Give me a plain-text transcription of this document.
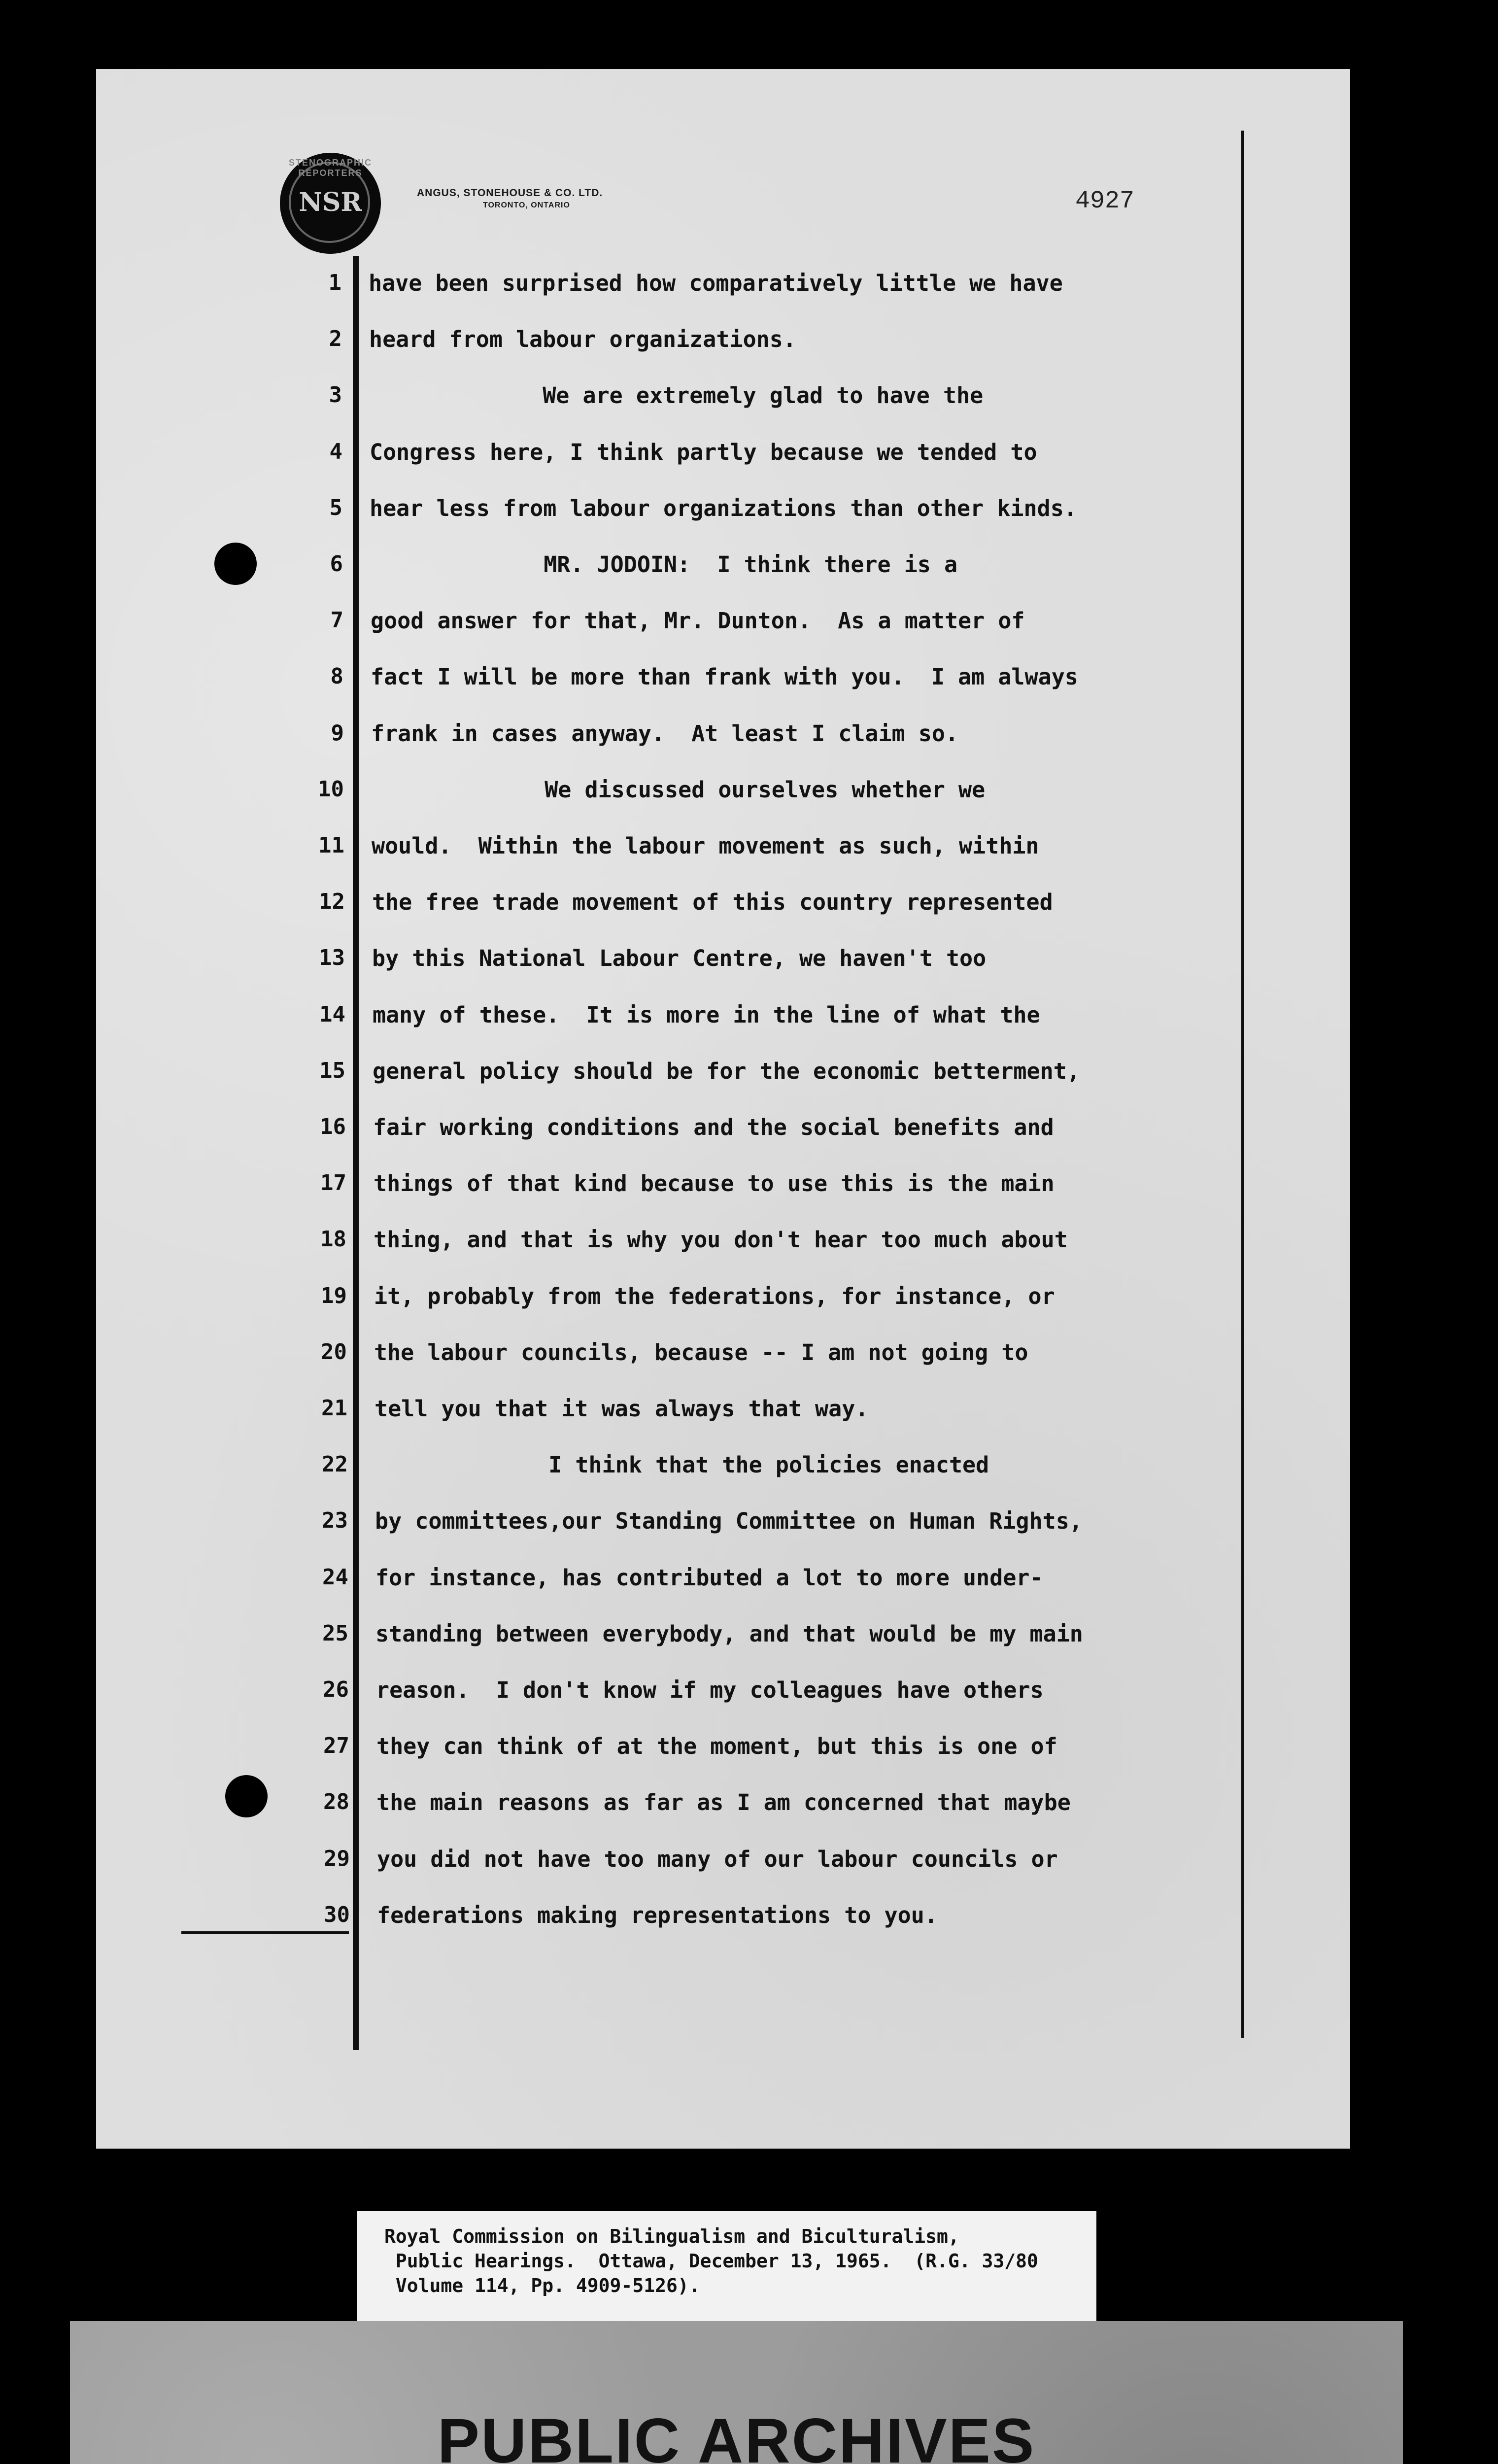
STENOGRAPHIC REPORTERS
NSR	ANGUS, STONEHOUSE & CO. LTD.
TORONTO, ONTARIO	4927
1 have been surprised how comparatively little we have
2 heard from labour organizations.
3 We are extremely glad to have the
4 Congress here, I think partly because we tended to
5 hear less from labour organizations than other kinds.
6 MR. JODOIN:  I think there is a
7 good answer for that, Mr. Dunton.  As a matter of
8 fact I will be more than frank with you.  I am always
9 frank in cases anyway.  At least I claim so.
10 We discussed ourselves whether we
11 would.  Within the labour movement as such, within
12 the free trade movement of this country represented
13 by this National Labour Centre, we haven't too
14 many of these.  It is more in the line of what the
15 general policy should be for the economic betterment,
16 fair working conditions and the social benefits and
17 things of that kind because to use this is the main
18 thing, and that is why you don't hear too much about
19 it, probably from the federations, for instance, or
20 the labour councils, because -- I am not going to
21 tell you that it was always that way.
22 I think that the policies enacted
23 by committees,our Standing Committee on Human Rights,
24 for instance, has contributed a lot to more under-
25 standing between everybody, and that would be my main
26 reason.  I don't know if my colleagues have others
27 they can think of at the moment, but this is one of
28 the main reasons as far as I am concerned that maybe
29 you did not have too many of our labour councils or
30 federations making representations to you.
Royal Commission on Bilingualism and Biculturalism,
Public Hearings.  Ottawa, December 13, 1965.  (R.G. 33/80
Volume 114, Pp. 4909-5126).
PUBLIC ARCHIVES
